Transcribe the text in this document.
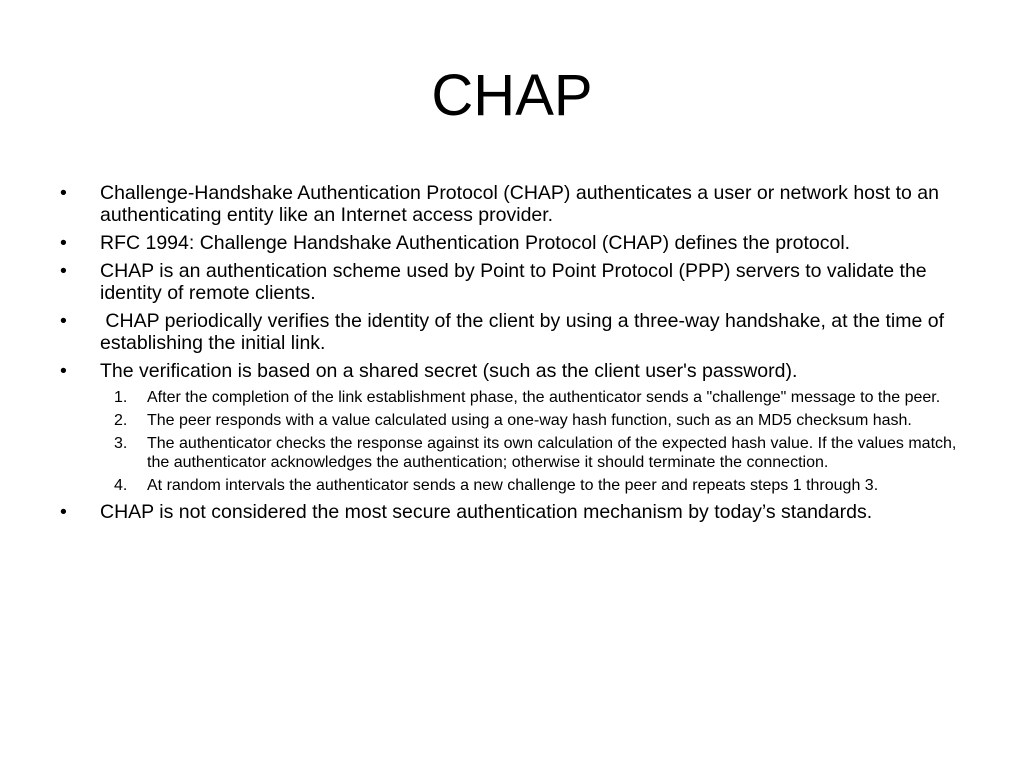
CHAP
• Challenge-Handshake Authentication Protocol (CHAP) authenticates a user or network host to an authenticating entity like an Internet access provider.
• RFC 1994: Challenge Handshake Authentication Protocol (CHAP) defines the protocol.
• CHAP is an authentication scheme used by Point to Point Protocol (PPP) servers to validate the identity of remote clients.
• CHAP periodically verifies the identity of the client by using a three-way handshake, at the time of establishing the initial link.
• The verification is based on a shared secret (such as the client user's password).
1. After the completion of the link establishment phase, the authenticator sends a "challenge" message to the peer.
2. The peer responds with a value calculated using a one-way hash function, such as an MD5 checksum hash.
3. The authenticator checks the response against its own calculation of the expected hash value. If the values match, the authenticator acknowledges the authentication; otherwise it should terminate the connection.
4. At random intervals the authenticator sends a new challenge to the peer and repeats steps 1 through 3.
• CHAP is not considered the most secure authentication mechanism by today’s standards.
